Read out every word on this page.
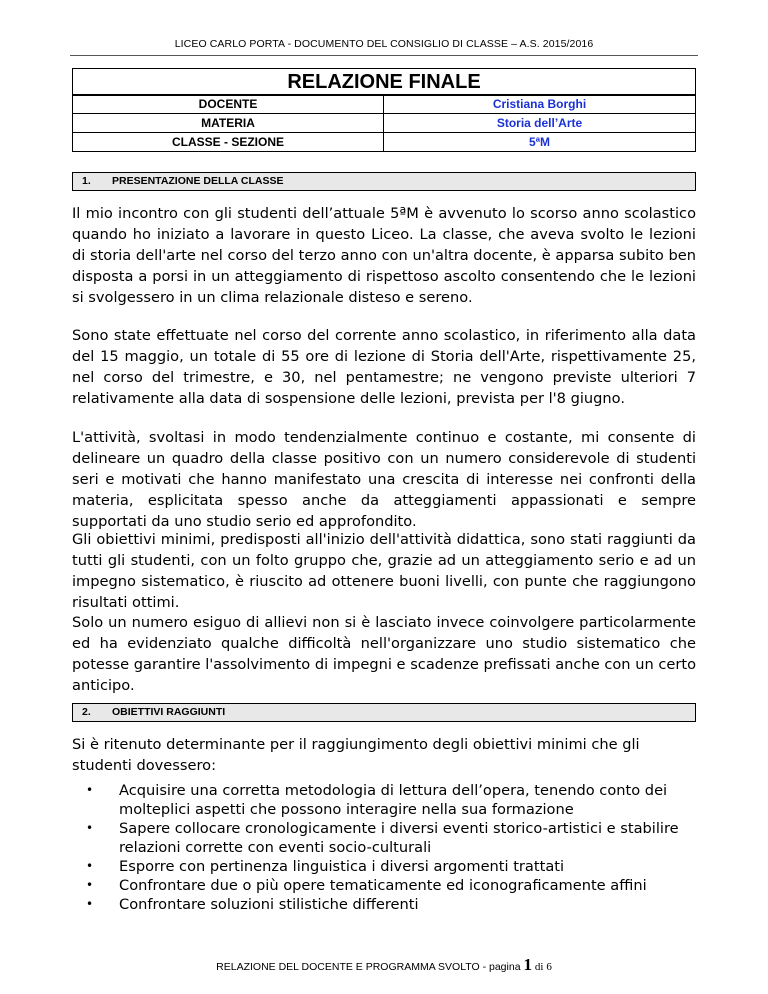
LICEO CARLO PORTA - DOCUMENTO DEL CONSIGLIO DI CLASSE – A.S. 2015/2016
RELAZIONE FINALE
DOCENTE	Cristiana Borghi
MATERIA	Storia dell’Arte
CLASSE - SEZIONE	5ªM
1. PRESENTAZIONE DELLA CLASSE

Il mio incontro con gli studenti dell’attuale 5ªM è avvenuto lo scorso anno scolastico quando ho iniziato a lavorare in questo Liceo. La classe, che aveva svolto le lezioni di storia dell'arte nel corso del terzo anno con un'altra docente, è apparsa subito ben disposta a porsi in un atteggiamento di rispettoso ascolto consentendo che le lezioni si svolgessero in un clima relazionale disteso e sereno.

Sono state effettuate nel corso del corrente anno scolastico, in riferimento alla data del 15 maggio, un totale di 55 ore di lezione di Storia dell'Arte, rispettivamente 25, nel corso del trimestre, e 30, nel pentamestre; ne vengono previste ulteriori 7 relativamente alla data di sospensione delle lezioni, prevista per l'8 giugno.

L'attività, svoltasi in modo tendenzialmente continuo e costante, mi consente di delineare un quadro della classe positivo con un numero considerevole di studenti seri e motivati che hanno manifestato una crescita di interesse nei confronti della materia, esplicitata spesso anche da atteggiamenti appassionati e sempre supportati da uno studio serio ed approfondito.

Gli obiettivi minimi, predisposti all'inizio dell'attività didattica, sono stati raggiunti da tutti gli studenti, con un folto gruppo che, grazie ad un atteggiamento serio e ad un impegno sistematico, è riuscito ad ottenere buoni livelli, con punte che raggiungono risultati ottimi.

Solo un numero esiguo di allievi non si è lasciato invece coinvolgere particolarmente ed ha evidenziato qualche difficoltà nell'organizzare uno studio sistematico che potesse garantire l'assolvimento di impegni e scadenze prefissati anche con un certo anticipo.

2. OBIETTIVI RAGGIUNTI

Si è ritenuto determinante per il raggiungimento degli obiettivi minimi che gli studenti dovessero:

• Acquisire una corretta metodologia di lettura dell’opera, tenendo conto dei molteplici aspetti che possono interagire nella sua formazione
• Sapere collocare cronologicamente i diversi eventi storico-artistici e stabilire relazioni corrette con eventi socio-culturali
• Esporre con pertinenza linguistica i diversi argomenti trattati
• Confrontare due o più opere tematicamente ed iconograficamente affini
• Confrontare soluzioni stilistiche differenti
RELAZIONE DEL DOCENTE E PROGRAMMA SVOLTO - pagina 1 di 6
